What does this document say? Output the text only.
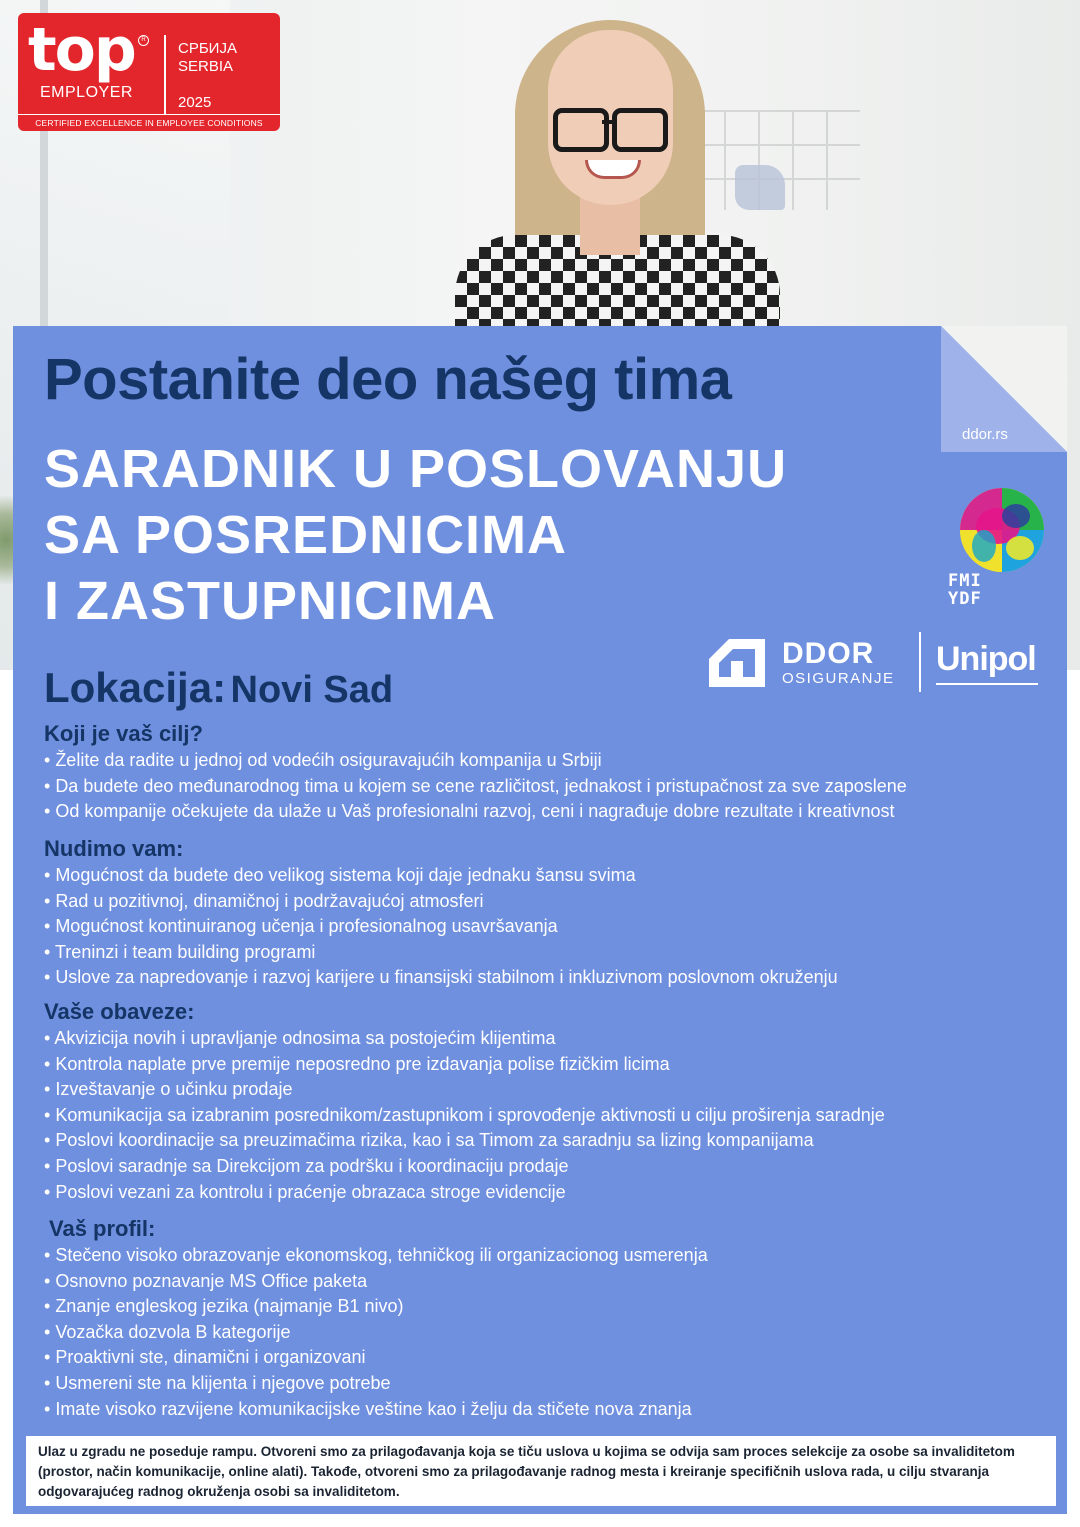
top	R
EMPLOYER
СРБИЈА
SERBIA
2025
CERTIFIED EXCELLENCE IN EMPLOYEE CONDITIONS
ddor.rs
Postanite deo našeg tima
SARADNIK U POSLOVANJU
SA POSREDNICIMA
I ZASTUPNICIMA	FMI
YDF
DDOR
OSIGURANJE
Unipol
Lokacija: Novi Sad
Koji je vaš cilj?
• Želite da radite u jednoj od vodećih osiguravajućih kompanija u Srbiji
• Da budete deo međunarodnog tima u kojem se cene različitost, jednakost i pristupačnost za sve zaposlene
• Od kompanije očekujete da ulaže u Vaš profesionalni razvoj, ceni i nagrađuje dobre rezultate i kreativnost
Nudimo vam:
• Mogućnost da budete deo velikog sistema koji daje jednaku šansu svima
• Rad u pozitivnoj, dinamičnoj i podržavajućoj atmosferi
• Mogućnost kontinuiranog učenja i profesionalnog usavršavanja
• Treninzi i team building programi
• Uslove za napredovanje i razvoj karijere u finansijski stabilnom i inkluzivnom poslovnom okruženju
Vaše obaveze:
• Akvizicija novih i upravljanje odnosima sa postojećim klijentima
• Kontrola naplate prve premije neposredno pre izdavanja polise fizičkim licima
• Izveštavanje o učinku prodaje
• Komunikacija sa izabranim posrednikom/zastupnikom i sprovođenje aktivnosti u cilju proširenja saradnje
• Poslovi koordinacije sa preuzimačima rizika, kao i sa Timom za saradnju sa lizing kompanijama
• Poslovi saradnje sa Direkcijom za podršku i koordinaciju prodaje
• Poslovi vezani za kontrolu i praćenje obrazaca stroge evidencije
Vaš profil:
• Stečeno visoko obrazovanje ekonomskog, tehničkog ili organizacionog usmerenja
• Osnovno poznavanje MS Office paketa
• Znanje engleskog jezika (najmanje B1 nivo)
• Vozačka dozvola B kategorije
• Proaktivni ste, dinamični i organizovani
• Usmereni ste na klijenta i njegove potrebe
• Imate visoko razvijene komunikacijske veštine kao i želju da stičete nova znanja
Ulaz u zgradu ne poseduje rampu. Otvoreni smo za prilagođavanja koja se tiču uslova u kojima se odvija sam proces selekcije za osobe sa invaliditetom (prostor, način komunikacije, online alati). Takođe, otvoreni smo za prilagođavanje radnog mesta i kreiranje specifičnih uslova rada, u cilju stvaranja odgovarajućeg radnog okruženja osobi sa invaliditetom.
